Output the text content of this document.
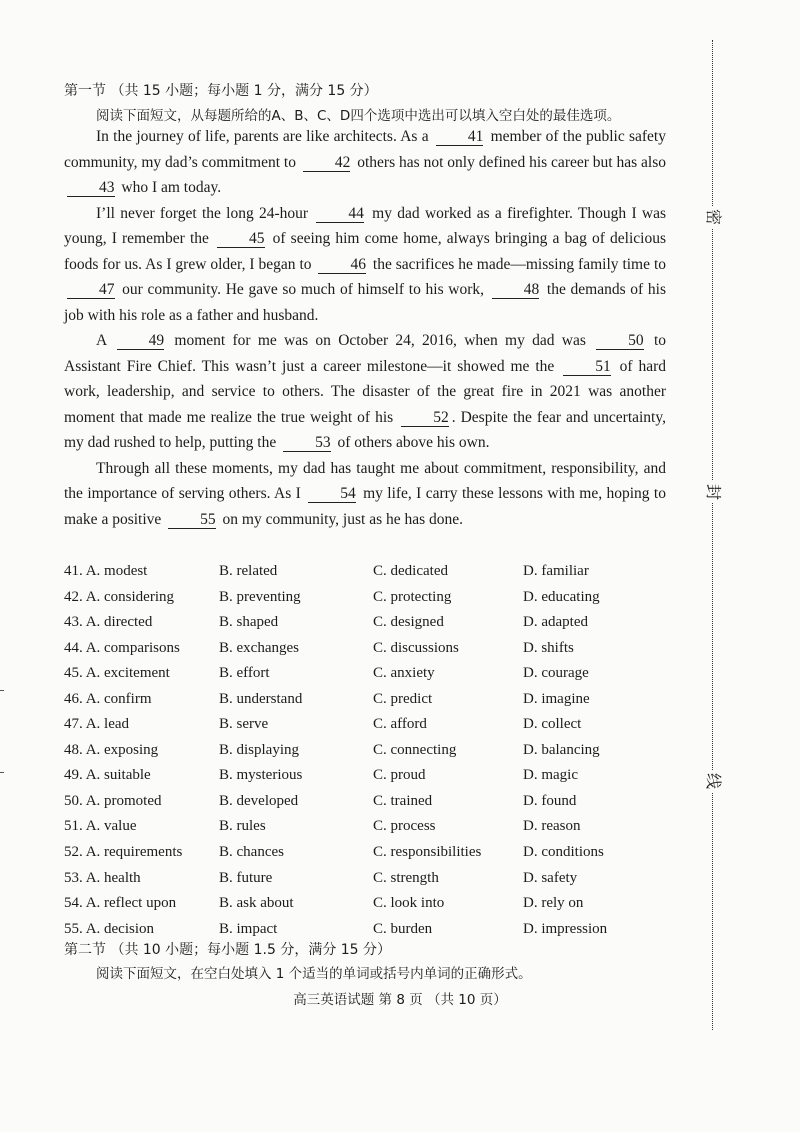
第一节 （共 15 小题；每小题 1 分，满分 15 分）
阅读下面短文，从每题所给的A、B、C、D四个选项中选出可以填入空白处的最佳选项。

In the journey of life, parents are like architects. As a 41 member of the public safety community, my dad’s commitment to 42 others has not only defined his career but has also 43 who I am today.

I’ll never forget the long 24-hour 44 my dad worked as a firefighter. Though I was young, I remember the 45 of seeing him come home, always bringing a bag of delicious foods for us. As I grew older, I began to 46 the sacrifices he made—missing family time to 47 our community. He gave so much of himself to his work, 48 the demands of his job with his role as a father and husband.

A 49 moment for me was on October 24, 2016, when my dad was 50 to Assistant Fire Chief. This wasn’t just a career milestone—it showed me the 51 of hard work, leadership, and service to others. The disaster of the great fire in 2021 was another moment that made me realize the true weight of his 52 . Despite the fear and uncertainty, my dad rushed to help, putting the 53 of others above his own.

Through all these moments, my dad has taught me about commitment, responsibility, and the importance of serving others. As I 54 my life, I carry these lessons with me, hoping to make a positive 55 on my community, just as he has done.

41. A. modest	B. related	C. dedicated	D. familiar
42. A. considering	B. preventing	C. protecting	D. educating
43. A. directed	B. shaped	C. designed	D. adapted
44. A. comparisons	B. exchanges	C. discussions	D. shifts
45. A. excitement	B. effort	C. anxiety	D. courage
46. A. confirm	B. understand	C. predict	D. imagine
47. A. lead	B. serve	C. afford	D. collect
48. A. exposing	B. displaying	C. connecting	D. balancing
49. A. suitable	B. mysterious	C. proud	D. magic
50. A. promoted	B. developed	C. trained	D. found
51. A. value	B. rules	C. process	D. reason
52. A. requirements B. chances	C. responsibilities	D. conditions
53. A. health	B. future	C. strength	D. safety
54. A. reflect upon	B. ask about	C. look into	D. rely on
55. A. decision	B. impact	C. burden	D. impression
第二节 （共 10 小题；每小题 1.5 分，满分 15 分）
阅读下面短文，在空白处填入 1 个适当的单词或括号内单词的正确形式。
高三英语试题 第 8 页 （共 10 页）
密
封
线
